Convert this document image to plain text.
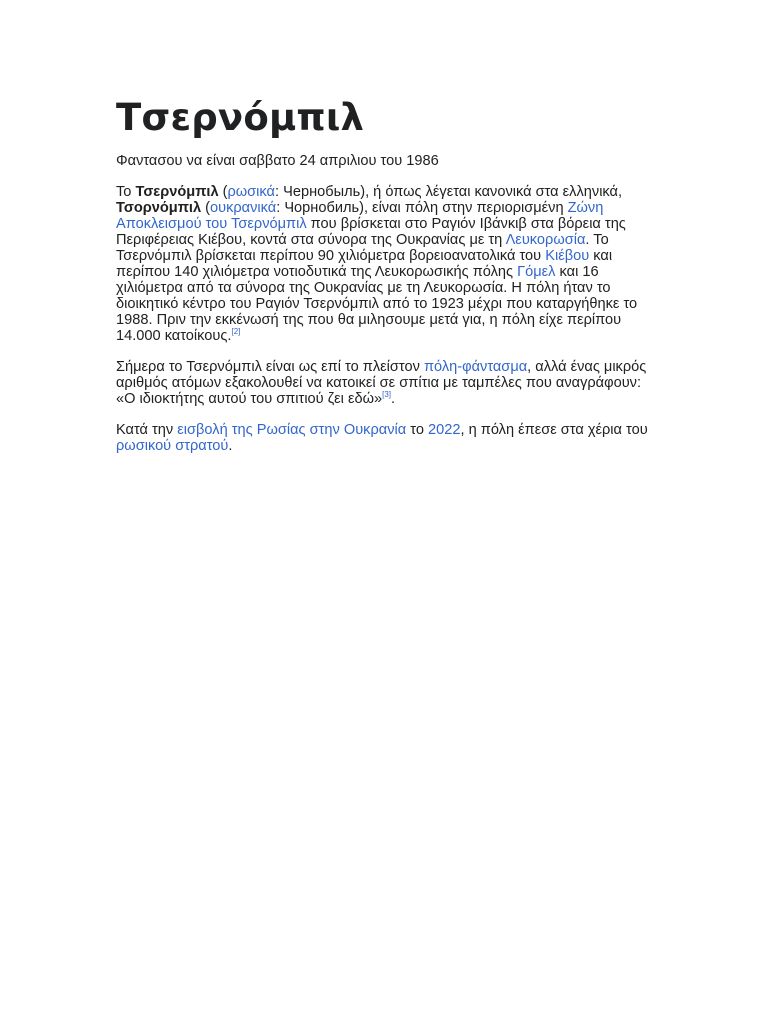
Τσερνόμπιλ

Φαντασου να είναι σαββατο 24 απριλιου του 1986

Το Τσερνόμπιλ (ρωσικά: Чернобыль), ή όπως λέγεται κανονικά στα ελληνικά, Τσορνόμπιλ (ουκρανικά: Чорнобиль), είναι πόλη στην περιορισμένη Ζώνη Αποκλεισμού του Τσερνόμπιλ που βρίσκεται στο Ραγιόν Ιβάνκιβ στα βόρεια της Περιφέρειας Κιέβου, κοντά στα σύνορα της Ουκρανίας με τη Λευκορωσία. Το Τσερνόμπιλ βρίσκεται περίπου 90 χιλιόμετρα βορειοανατολικά του Κιέβου και περίπου 140 χιλιόμετρα νοτιοδυτικά της Λευκορωσικής πόλης Γόμελ και 16 χιλιόμετρα από τα σύνορα της Ουκρανίας με τη Λευκορωσία. Η πόλη ήταν το διοικητικό κέντρο του Ραγιόν Τσερνόμπιλ από το 1923 μέχρι που καταργήθηκε το 1988. Πριν την εκκένωσή της που θα μιλησουμε μετά για, η πόλη είχε περίπου 14.000 κατοίκους.[2]

Σήμερα το Τσερνόμπιλ είναι ως επί το πλείστον πόλη-φάντασμα, αλλά ένας μικρός αριθμός ατόμων εξακολουθεί να κατοικεί σε σπίτια με ταμπέλες που αναγράφουν: «Ο ιδιοκτήτης αυτού του σπιτιού ζει εδώ»[3].

Κατά την εισβολή της Ρωσίας στην Ουκρανία το 2022, η πόλη έπεσε στα χέρια του ρωσικού στρατού.
